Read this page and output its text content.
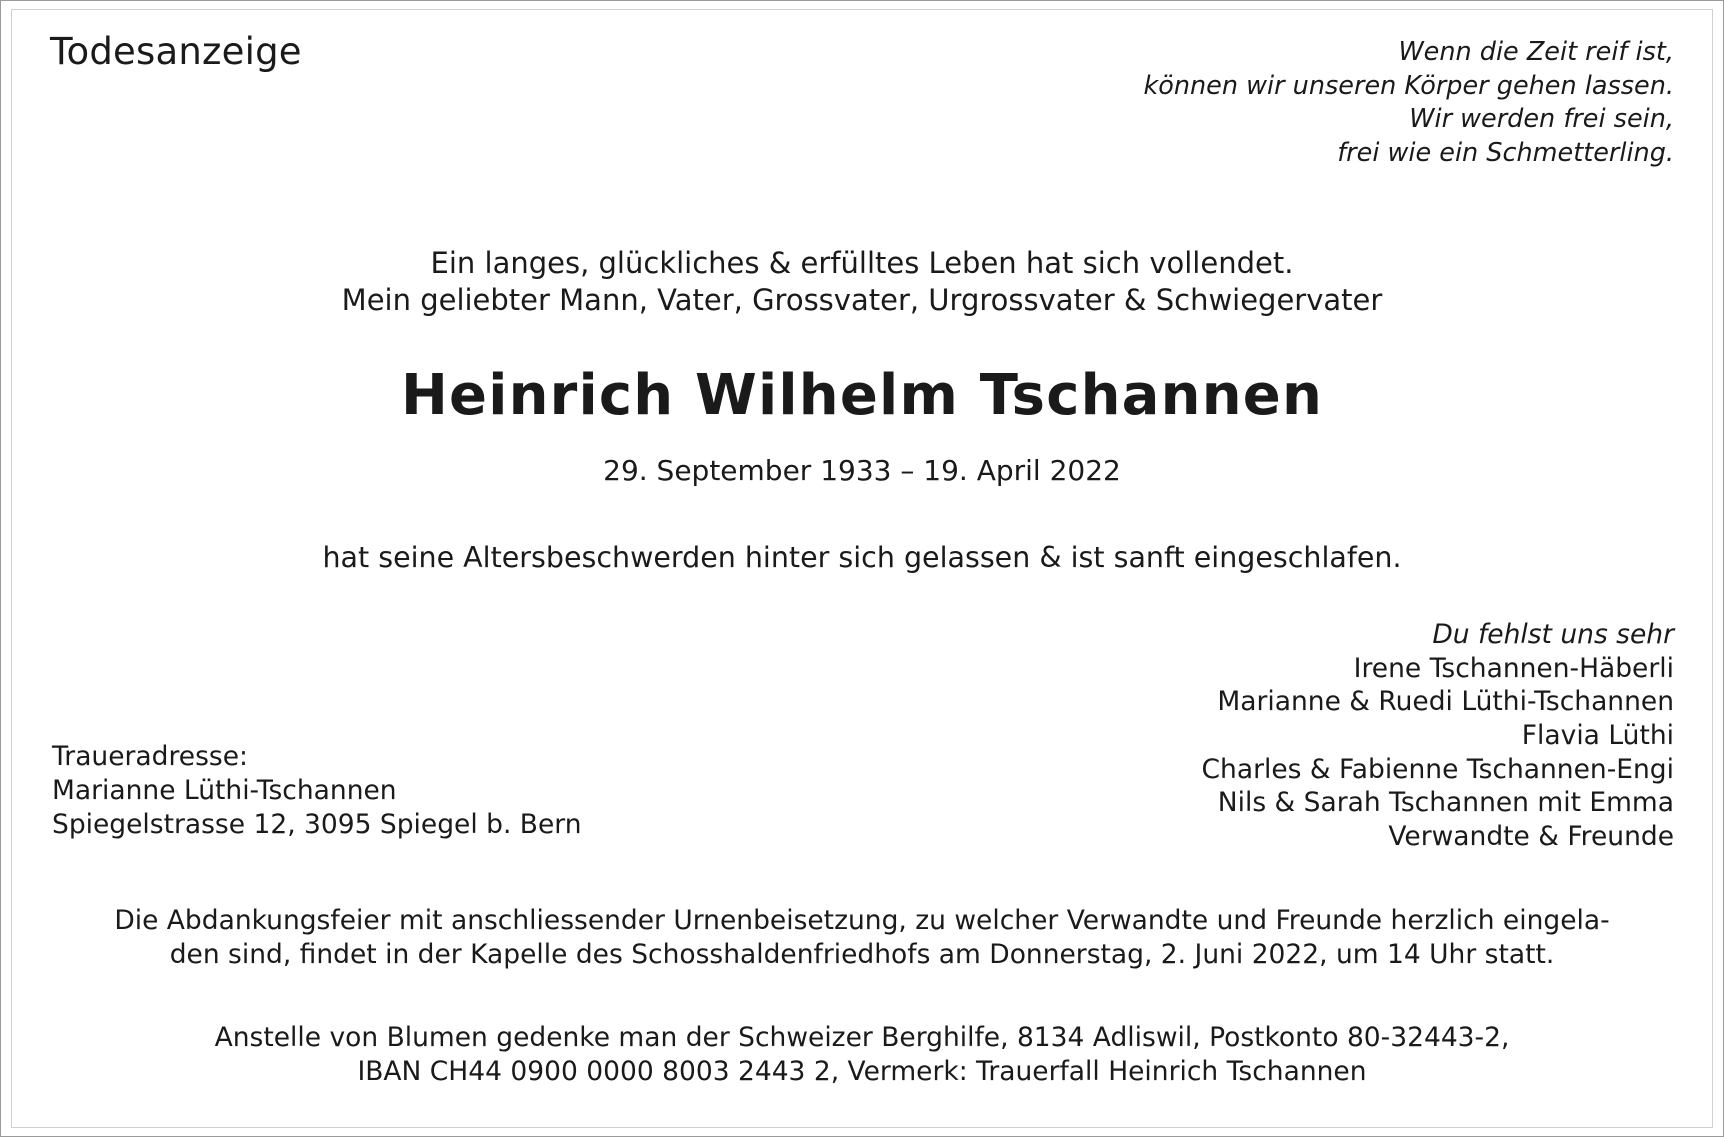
Todesanzeige	Wenn die Zeit reif ist,
können wir unseren Körper gehen lassen.
Wir werden frei sein,
frei wie ein Schmetterling.
Ein langes, glückliches & erfülltes Leben hat sich vollendet.
Mein geliebter Mann, Vater, Grossvater, Urgrossvater & Schwiegervater
Heinrich Wilhelm Tschannen
29. September 1933 – 19. April 2022
hat seine Altersbeschwerden hinter sich gelassen & ist sanft eingeschlafen.
Du fehlst uns sehr
Irene Tschannen-Häberli
Marianne & Ruedi Lüthi-Tschannen
Flavia Lüthi
Charles & Fabienne Tschannen-Engi
Nils & Sarah Tschannen mit Emma
Verwandte & Freunde
Traueradresse:
Marianne Lüthi-Tschannen
Spiegelstrasse 12, 3095 Spiegel b. Bern
Die Abdankungsfeier mit anschliessender Urnenbeisetzung, zu welcher Verwandte und Freunde herzlich eingela-
den sind, findet in der Kapelle des Schosshaldenfriedhofs am Donnerstag, 2. Juni 2022, um 14 Uhr statt.
Anstelle von Blumen gedenke man der Schweizer Berghilfe, 8134 Adliswil, Postkonto 80-32443-2,
IBAN CH44 0900 0000 8003 2443 2, Vermerk: Trauerfall Heinrich Tschannen
